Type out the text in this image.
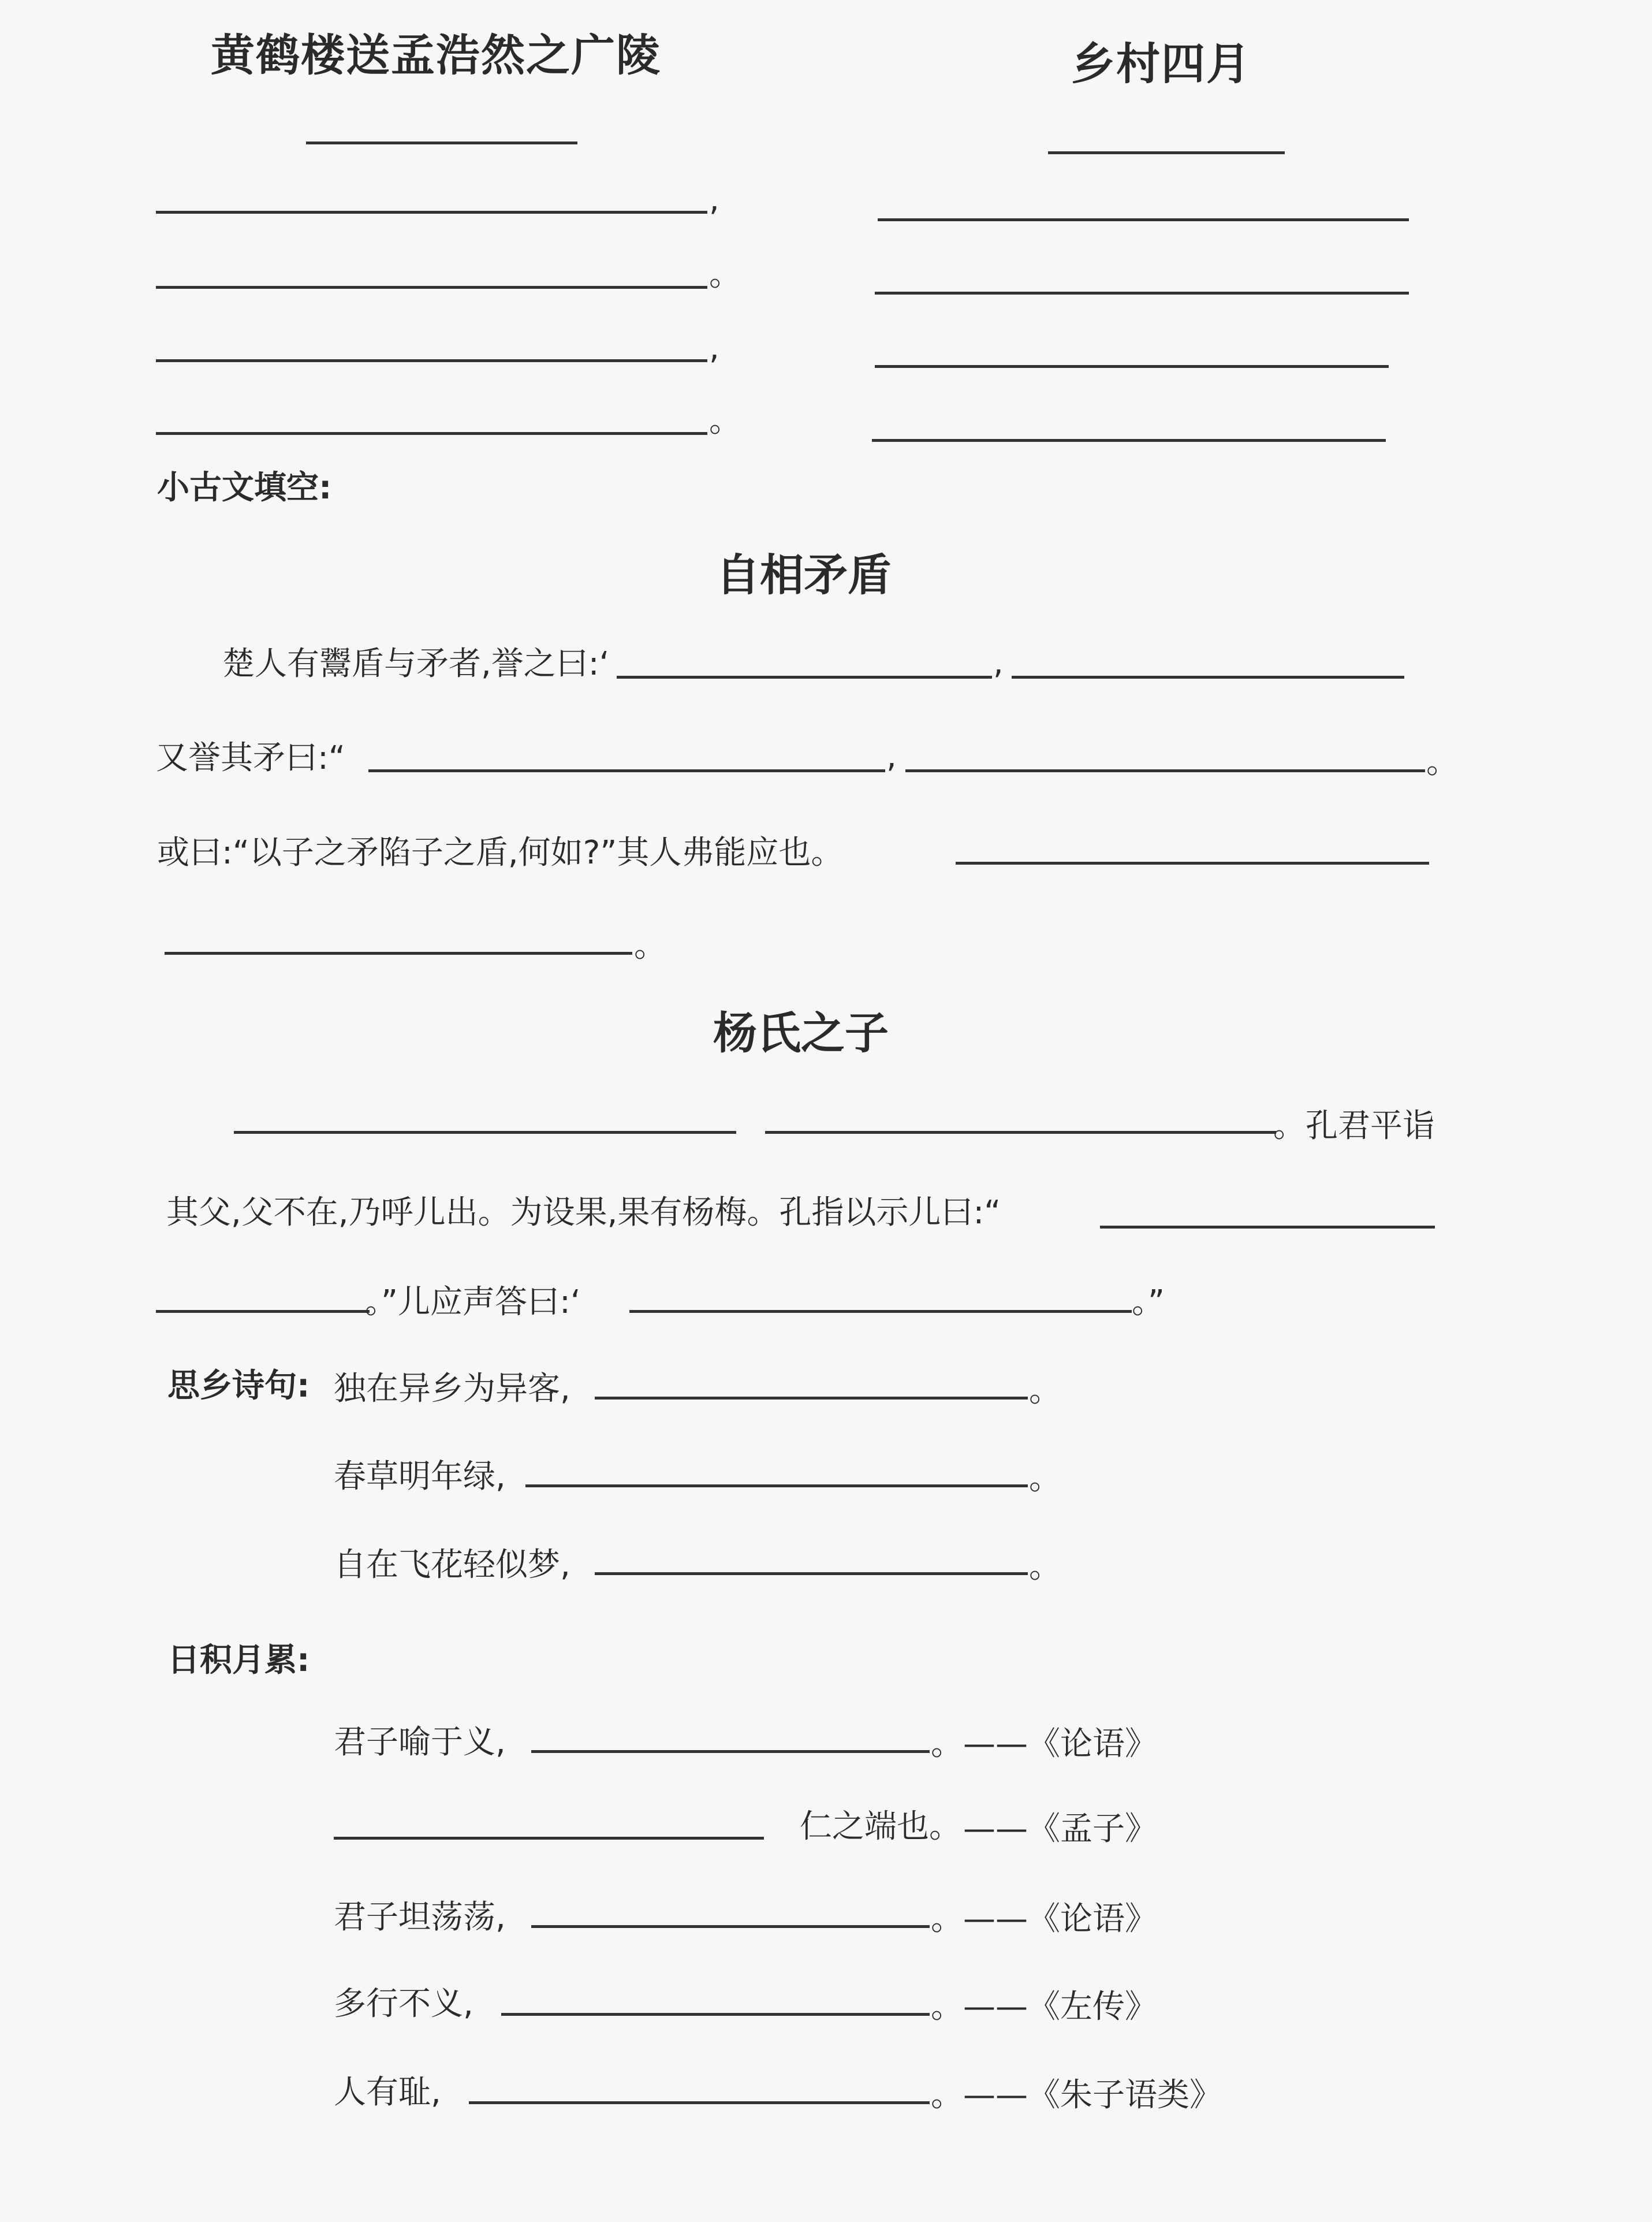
黄鹤楼送孟浩然之广陵
,
。
,
。
乡村四月
小古文填空:
自相矛盾
楚人有鬻盾与矛者,誉之曰:‘	,
又誉其矛曰:“	,	。
或曰:“以子之矛陷子之盾,何如?”其人弗能应也。
。
杨氏之子
。孔君平诣
其父,父不在,乃呼儿出。为设果,果有杨梅。孔指以示儿曰:“
。”儿应声答曰:‘	。”
思乡诗句: 独在异乡为异客,	。
春草明年绿,	。
自在飞花轻似梦,	。
日积月累:
君子喻于义,	。——《论语》
仁之端也。 ——《孟子》
君子坦荡荡,	。——《论语》
多行不义,	。——《左传》
人有耻,	。——《朱子语类》
